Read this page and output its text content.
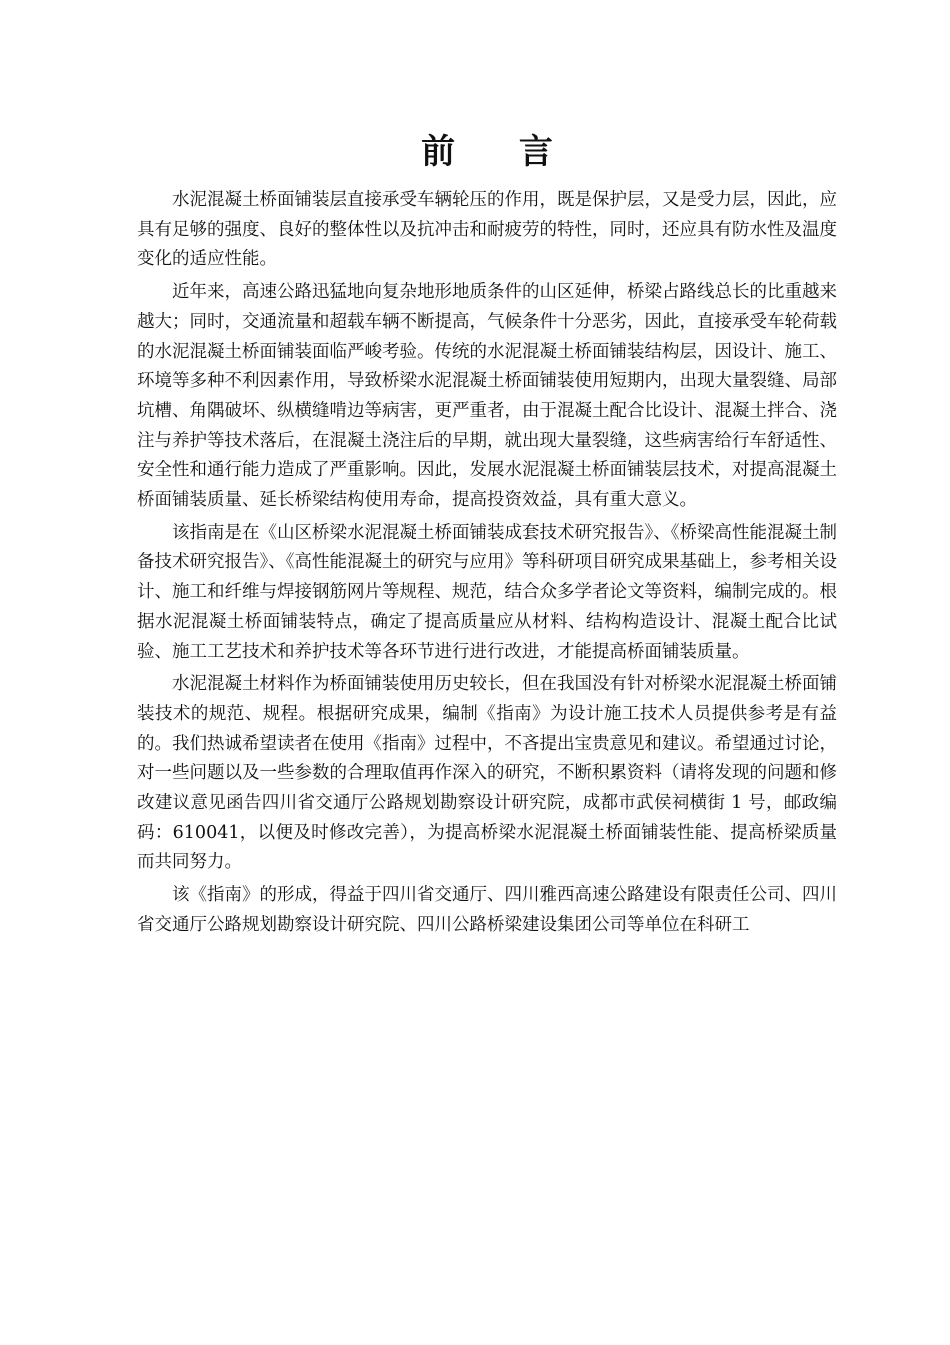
前 言

水泥混凝土桥面铺装层直接承受车辆轮压的作用，既是保护层，又是受力层，因此，应具有足够的强度、良好的整体性以及抗冲击和耐疲劳的特性，同时，还应具有防水性及温度变化的适应性能。

近年来，高速公路迅猛地向复杂地形地质条件的山区延伸，桥梁占路线总长的比重越来越大；同时，交通流量和超载车辆不断提高，气候条件十分恶劣，因此，直接承受车轮荷载的水泥混凝土桥面铺装面临严峻考验。传统的水泥混凝土桥面铺装结构层，因设计、施工、环境等多种不利因素作用，导致桥梁水泥混凝土桥面铺装使用短期内，出现大量裂缝、局部坑槽、角隅破坏、纵横缝啃边等病害，更严重者，由于混凝土配合比设计、混凝土拌合、浇注与养护等技术落后，在混凝土浇注后的早期，就出现大量裂缝，这些病害给行车舒适性、安全性和通行能力造成了严重影响。因此，发展水泥混凝土桥面铺装层技术，对提高混凝土桥面铺装质量、延长桥梁结构使用寿命，提高投资效益，具有重大意义。

该指南是在《山区桥梁水泥混凝土桥面铺装成套技术研究报告》、《桥梁高性能混凝土制备技术研究报告》、《高性能混凝土的研究与应用》等科研项目研究成果基础上，参考相关设计、施工和纤维与焊接钢筋网片等规程、规范，结合众多学者论文等资料，编制完成的。根据水泥混凝土桥面铺装特点，确定了提高质量应从材料、结构构造设计、混凝土配合比试验、施工工艺技术和养护技术等各环节进行进行改进，才能提高桥面铺装质量。

水泥混凝土材料作为桥面铺装使用历史较长，但在我国没有针对桥梁水泥混凝土桥面铺装技术的规范、规程。根据研究成果，编制《指南》为设计施工技术人员提供参考是有益的。我们热诚希望读者在使用《指南》过程中，不吝提出宝贵意见和建议。希望通过讨论，对一些问题以及一些参数的合理取值再作深入的研究，不断积累资料（请将发现的问题和修改建议意见函告四川省交通厅公路规划勘察设计研究院，成都市武侯祠横街 1 号，邮政编码：610041，以便及时修改完善），为提高桥梁水泥混凝土桥面铺装性能、提高桥梁质量而共同努力。

该《指南》的形成，得益于四川省交通厅、四川雅西高速公路建设有限责任公司、四川省交通厅公路规划勘察设计研究院、四川公路桥梁建设集团公司等单位在科研工
